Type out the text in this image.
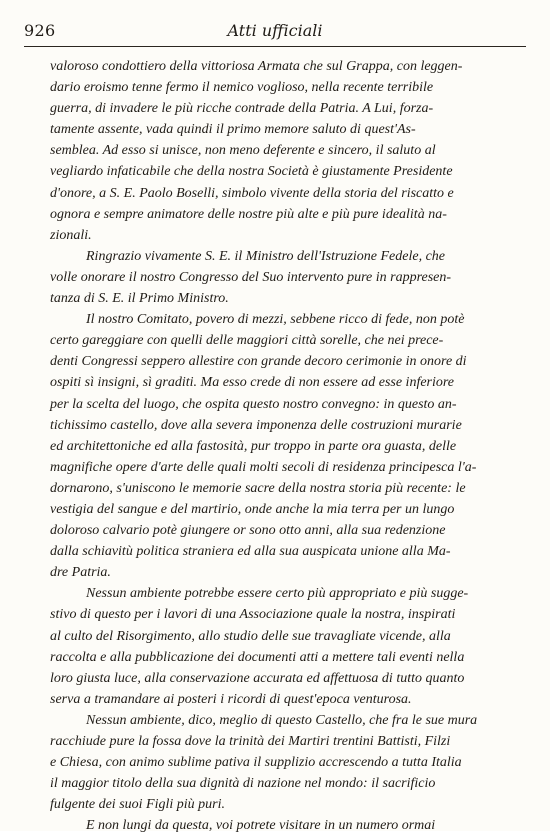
926	Atti ufficiali

valoroso condottiero della vittoriosa Armata che sul Grappa, con leggen-
dario eroismo tenne fermo il nemico voglioso, nella recente terribile
guerra, di invadere le più ricche contrade della Patria. A Lui, forza-
tamente assente, vada quindi il primo memore saluto di quest'As-
semblea. Ad esso si unisce, non meno deferente e sincero, il saluto al
vegliardo infaticabile che della nostra Società è giustamente Presidente
d'onore, a S. E. Paolo Boselli, simbolo vivente della storia del riscatto e
ognora e sempre animatore delle nostre più alte e più pure idealità na-
zionali.

Ringrazio vivamente S. E. il Ministro dell'Istruzione Fedele, che
volle onorare il nostro Congresso del Suo intervento pure in rappresen-
tanza di S. E. il Primo Ministro.

Il nostro Comitato, povero di mezzi, sebbene ricco di fede, non potè
certo gareggiare con quelli delle maggiori città sorelle, che nei prece-
denti Congressi seppero allestire con grande decoro cerimonie in onore di
ospiti sì insigni, sì graditi. Ma esso crede di non essere ad esse inferiore
per la scelta del luogo, che ospita questo nostro convegno: in questo an-
tichissimo castello, dove alla severa imponenza delle costruzioni murarie
ed architettoniche ed alla fastosità, pur troppo in parte ora guasta, delle
magnifiche opere d'arte delle quali molti secoli di residenza principesca l'a-
dornarono, s'uniscono le memorie sacre della nostra storia più recente: le
vestigia del sangue e del martirio, onde anche la mia terra per un lungo
doloroso calvario potè giungere or sono otto anni, alla sua redenzione
dalla schiavitù politica straniera ed alla sua auspicata unione alla Ma-
dre Patria.

Nessun ambiente potrebbe essere certo più appropriato e più sugge-
stivo di questo per i lavori di una Associazione quale la nostra, inspirati
al culto del Risorgimento, allo studio delle sue travagliate vicende, alla
raccolta e alla pubblicazione dei documenti atti a mettere tali eventi nella
loro giusta luce, alla conservazione accurata ed affettuosa di tutto quanto
serva a tramandare ai posteri i ricordi di quest'epoca venturosa.

Nessun ambiente, dico, meglio di questo Castello, che fra le sue mura
racchiude pure la fossa dove la trinità dei Martiri trentini Battisti, Filzi
e Chiesa, con animo sublime pativa il supplizio accrescendo a tutta Italia
il maggior titolo della sua dignità di nazione nel mondo: il sacrificio
fulgente dei suoi Figli più puri.

E non lungi da questa, voi potrete visitare in un numero ormai
